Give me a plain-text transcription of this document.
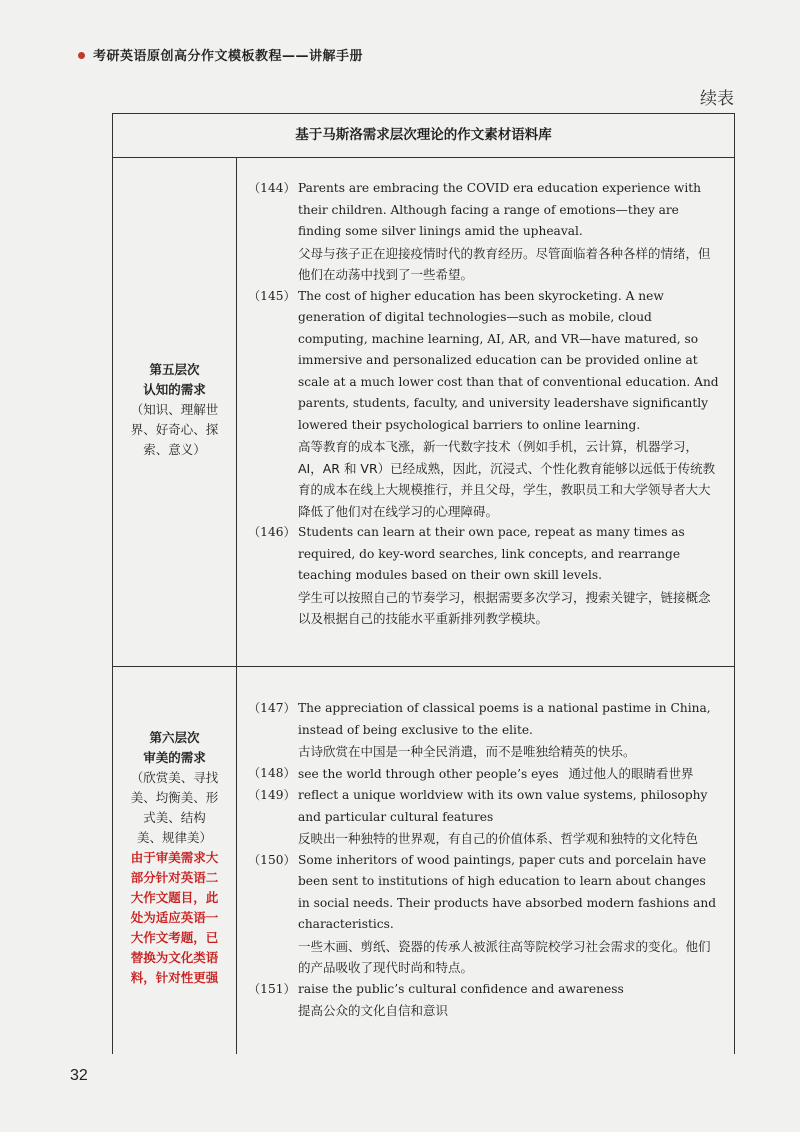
考研英语原创高分作文模板教程——讲解手册
续表
基于马斯洛需求层次理论的作文素材语料库
第五层次
认知的需求
（知识、理解世
界、好奇心、探
索、意义）
（144） Parents are embracing the COVID era education experience with their children. Although facing a range of emotions—they are finding some silver linings amid the upheaval.
父母与孩子正在迎接疫情时代的教育经历。尽管面临着各种各样的情绪，但他们在动荡中找到了一些希望。
（145） The cost of higher education has been skyrocketing. A new generation of digital technologies—such as mobile, cloud computing, machine learning, AI, AR, and VR—have matured, so immersive and personalized education can be provided online at scale at a much lower cost than that of conventional education. And parents, students, faculty, and university leadershave significantly lowered their psychological barriers to online learning.
高等教育的成本飞涨，新一代数字技术（例如手机，云计算，机器学习，AI，AR 和 VR）已经成熟，因此，沉浸式、个性化教育能够以远低于传统教育的成本在线上大规模推行，并且父母，学生，教职员工和大学领导者大大降低了他们对在线学习的心理障碍。
（146） Students can learn at their own pace, repeat as many times as required, do key-word searches, link concepts, and rearrange teaching modules based on their own skill levels.
学生可以按照自己的节奏学习，根据需要多次学习，搜索关键字，链接概念以及根据自己的技能水平重新排列教学模块。
第六层次
审美的需求
（欣赏美、寻找
美、均衡美、形
式美、结构
美、规律美）
由于审美需求大
部分针对英语二
大作文题目，此
处为适应英语一
大作文考题，已
替换为文化类语
料，针对性更强
（147） The appreciation of classical poems is a national pastime in China, instead of being exclusive to the elite.
古诗欣赏在中国是一种全民消遣，而不是唯独给精英的快乐。
（148） see the world through other people’s eyes 通过他人的眼睛看世界
（149） reflect a unique worldview with its own value systems, philosophy and particular cultural features
反映出一种独特的世界观，有自己的价值体系、哲学观和独特的文化特色
（150） Some inheritors of wood paintings, paper cuts and porcelain have been sent to institutions of high education to learn about changes in social needs. Their products have absorbed modern fashions and characteristics.
一些木画、剪纸、瓷器的传承人被派往高等院校学习社会需求的变化。他们的产品吸收了现代时尚和特点。
（151） raise the public’s cultural confidence and awareness
提高公众的文化自信和意识
32
